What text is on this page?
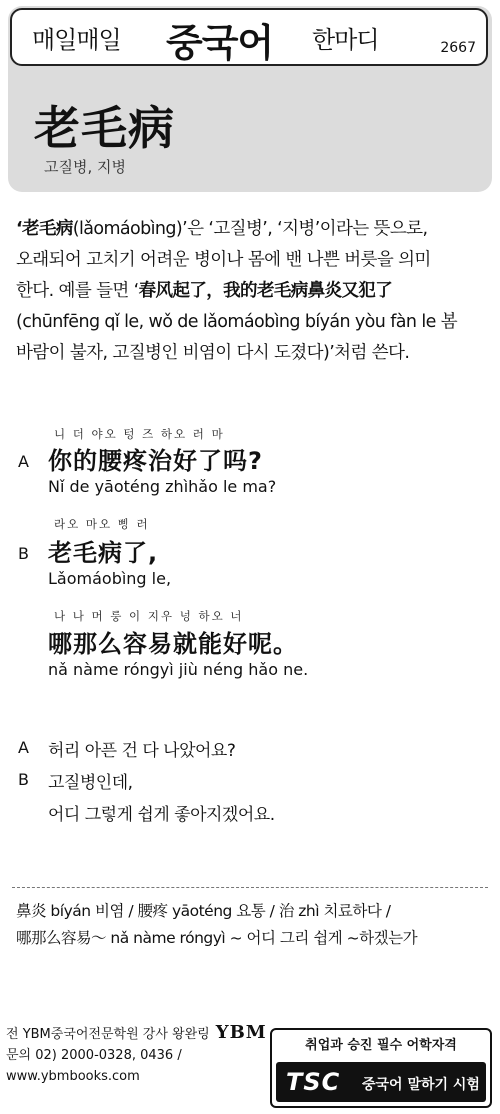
매일매일 중국어 한마디	2667
老毛病
고질병, 지병

‘老毛病(lǎomáobìng)’은 ‘고질병’, ‘지병’이라는 뜻으로,

오래되어 고치기 어려운 병이나 몸에 밴 나쁜 버릇을 의미

한다. 예를 들면 ‘春风起了，我的老毛病鼻炎又犯了

(chūnfēng qǐ le, wǒ de lǎomáobìng bíyán yòu fàn le 봄

바람이 불자, 고질병인 비염이 다시 도졌다)’처럼 쓴다.

니 더 야오 텅 즈 하오 러 마
A 你的腰疼治好了吗?
Nǐ de yāoténg zhìhǎo le ma?
라오 마오 삥 러
B 老毛病了,
Lǎomáobìng le,
나 나 머 룽 이 지우 넝 하오 너
哪那么容易就能好呢。
nǎ nàme róngyì jiù néng hǎo ne.
A 허리 아픈 건 다 나았어요?
B 고질병인데,
어디 그렇게 쉽게 좋아지겠어요.

鼻炎 bíyán 비염 / 腰疼 yāoténg 요통 / 治 zhì 치료하다 /

哪那么容易～ nǎ nàme róngyì ~ 어디 그리 쉽게 ~하겠는가

전 YBM중국어전문학원 강사 왕완링 YBM
문의 02) 2000-0328, 0436 /
www.ybmbooks.com
취업과 승진 필수 어학자격
TSC 중국어 말하기 시험
